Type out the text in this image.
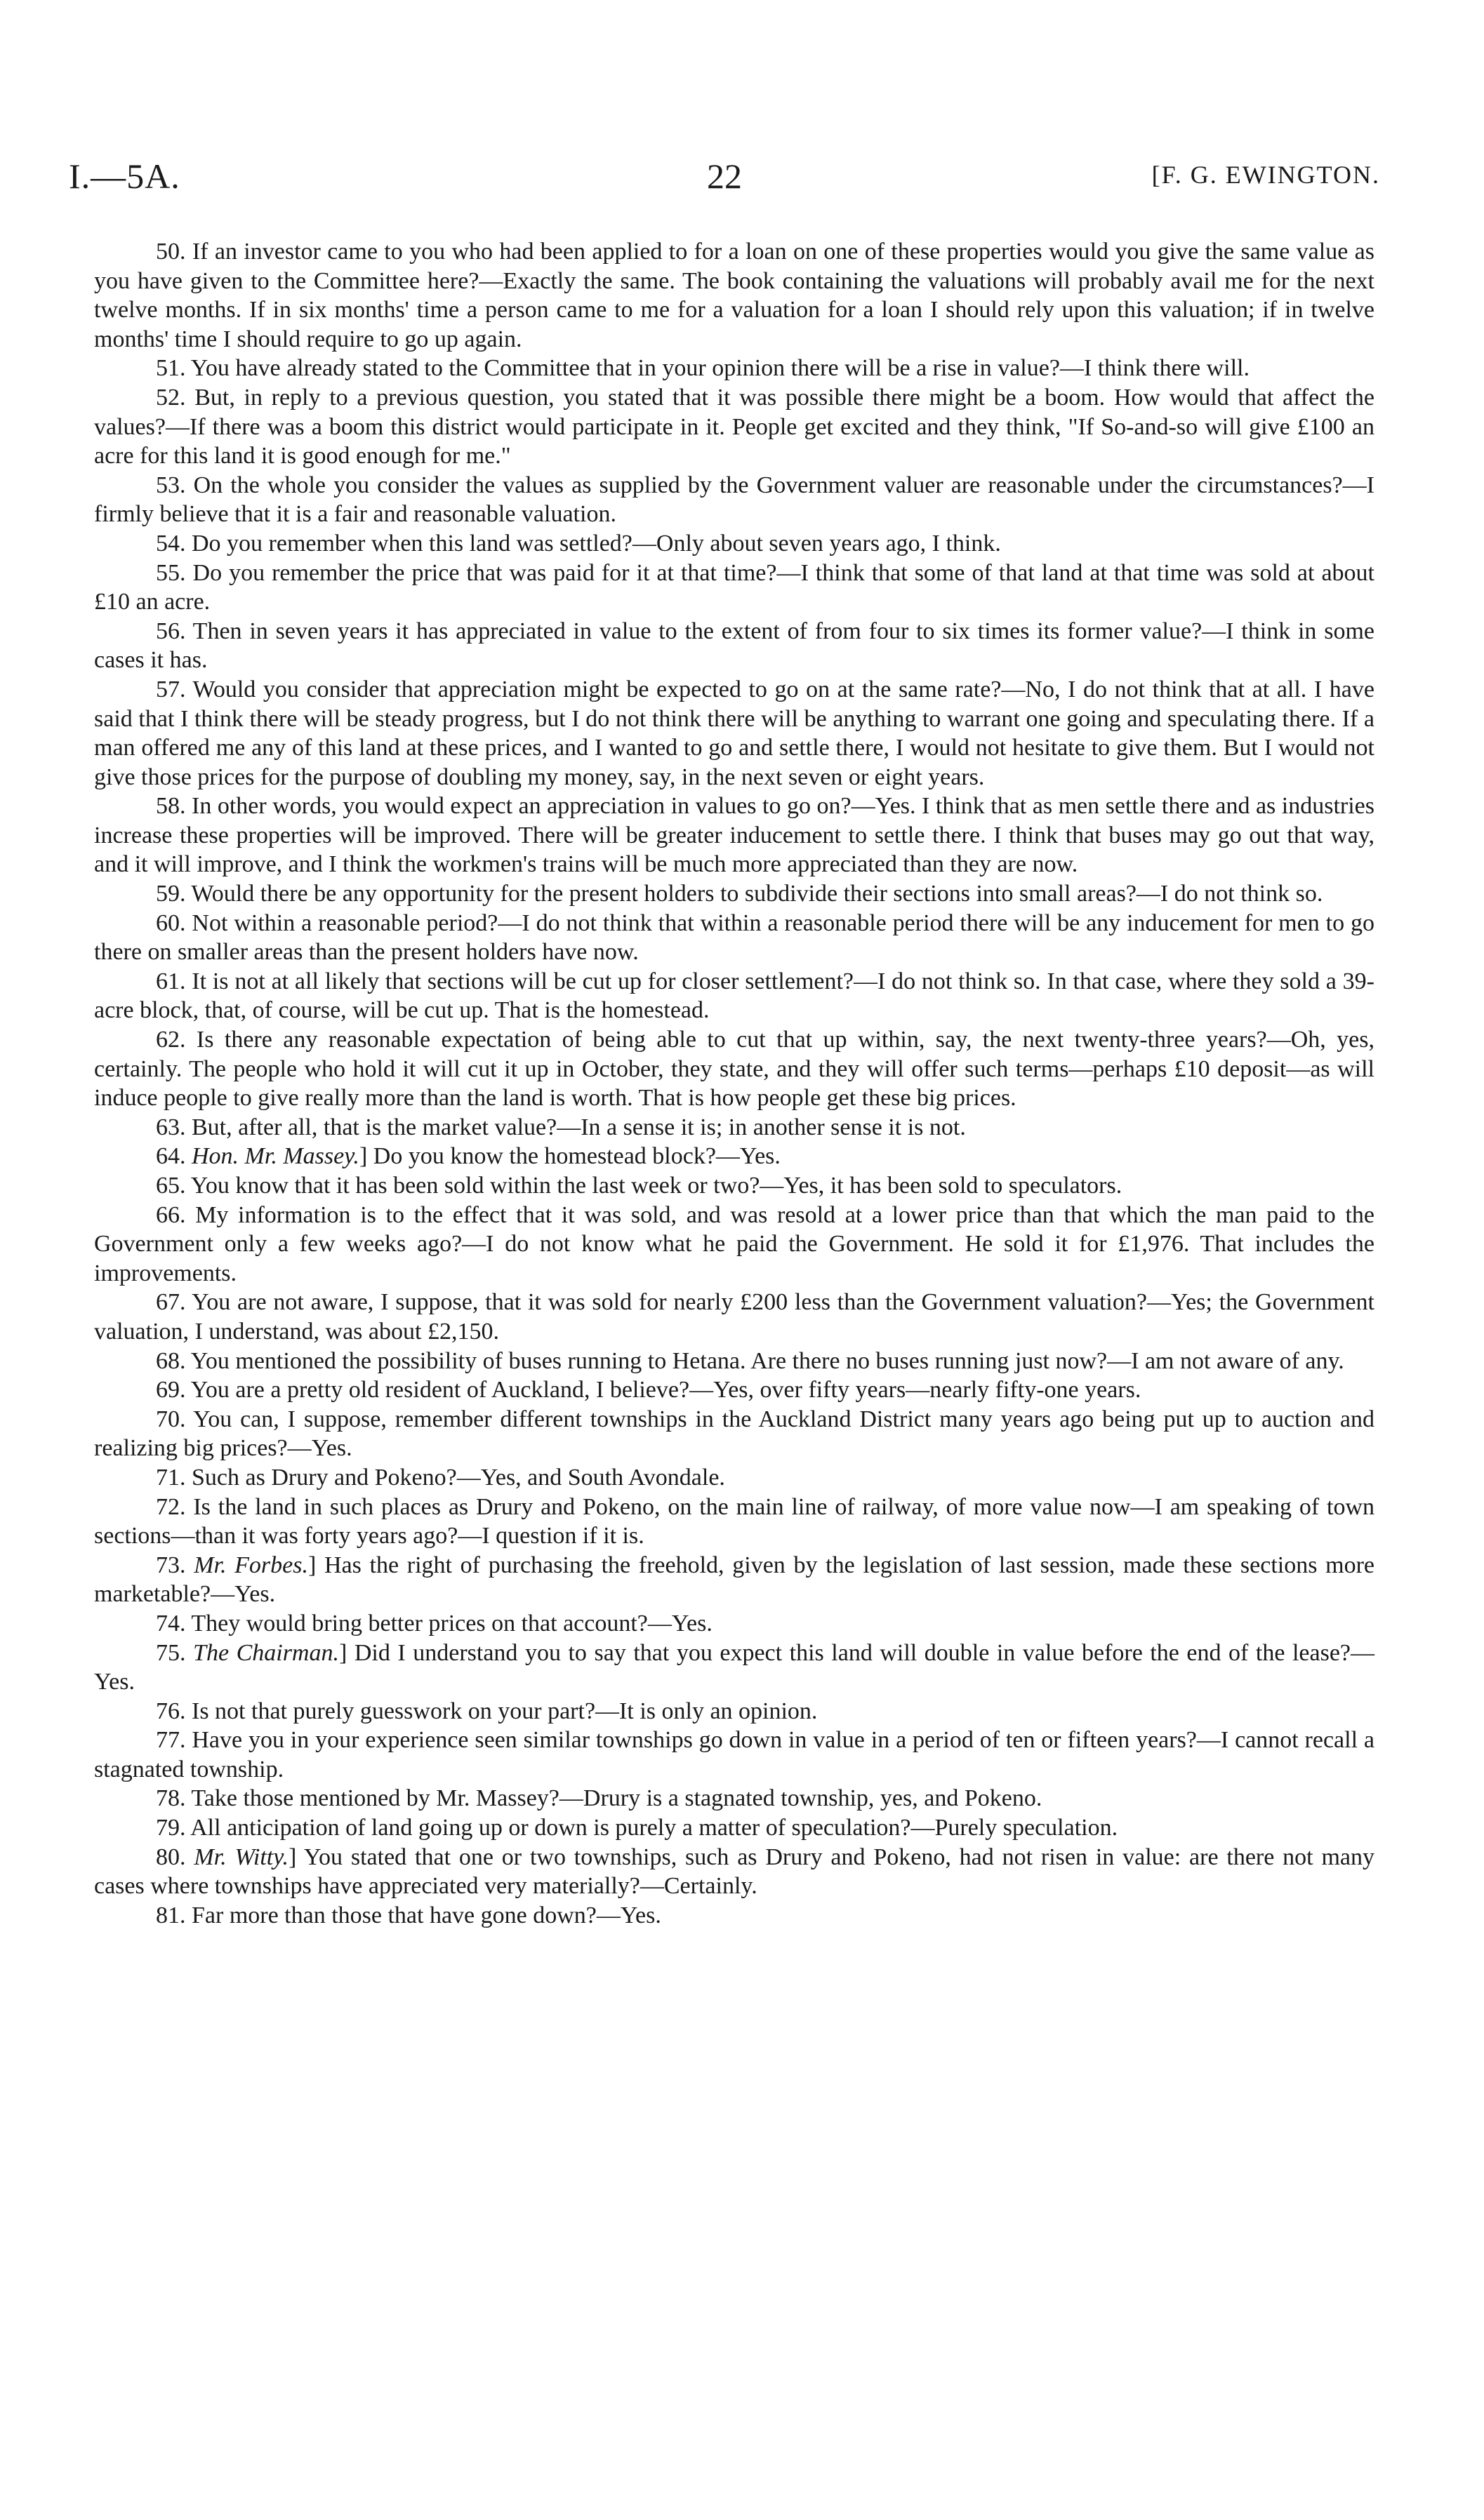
I.—5A.	22	[F. G. EWINGTON.

50. If an investor came to you who had been applied to for a loan on one of these properties would you give the same value as you have given to the Committee here?—Exactly the same. The book containing the valuations will probably avail me for the next twelve months. If in six months' time a person came to me for a valuation for a loan I should rely upon this valuation; if in twelve months' time I should require to go up again.

51. You have already stated to the Committee that in your opinion there will be a rise in value?—I think there will.

52. But, in reply to a previous question, you stated that it was possible there might be a boom. How would that affect the values?—If there was a boom this district would participate in it. People get excited and they think, "If So-and-so will give £100 an acre for this land it is good enough for me."

53. On the whole you consider the values as supplied by the Government valuer are reasonable under the circumstances?—I firmly believe that it is a fair and reasonable valuation.

54. Do you remember when this land was settled?—Only about seven years ago, I think.

55. Do you remember the price that was paid for it at that time?—I think that some of that land at that time was sold at about £10 an acre.

56. Then in seven years it has appreciated in value to the extent of from four to six times its former value?—I think in some cases it has.

57. Would you consider that appreciation might be expected to go on at the same rate?—No, I do not think that at all. I have said that I think there will be steady progress, but I do not think there will be anything to warrant one going and speculating there. If a man offered me any of this land at these prices, and I wanted to go and settle there, I would not hesitate to give them. But I would not give those prices for the purpose of doubling my money, say, in the next seven or eight years.

58. In other words, you would expect an appreciation in values to go on?—Yes. I think that as men settle there and as industries increase these properties will be improved. There will be greater inducement to settle there. I think that buses may go out that way, and it will improve, and I think the workmen's trains will be much more appreciated than they are now.

59. Would there be any opportunity for the present holders to subdivide their sections into small areas?—I do not think so.

60. Not within a reasonable period?—I do not think that within a reasonable period there will be any inducement for men to go there on smaller areas than the present holders have now.

61. It is not at all likely that sections will be cut up for closer settlement?—I do not think so. In that case, where they sold a 39-acre block, that, of course, will be cut up. That is the homestead.

62. Is there any reasonable expectation of being able to cut that up within, say, the next twenty-three years?—Oh, yes, certainly. The people who hold it will cut it up in October, they state, and they will offer such terms—perhaps £10 deposit—as will induce people to give really more than the land is worth. That is how people get these big prices.

63. But, after all, that is the market value?—In a sense it is; in another sense it is not.

64. Hon. Mr. Massey.] Do you know the homestead block?—Yes.

65. You know that it has been sold within the last week or two?—Yes, it has been sold to speculators.

66. My information is to the effect that it was sold, and was resold at a lower price than that which the man paid to the Government only a few weeks ago?—I do not know what he paid the Government. He sold it for £1,976. That includes the improvements.

67. You are not aware, I suppose, that it was sold for nearly £200 less than the Government valuation?—Yes; the Government valuation, I understand, was about £2,150.

68. You mentioned the possibility of buses running to Hetana. Are there no buses running just now?—I am not aware of any.

69. You are a pretty old resident of Auckland, I believe?—Yes, over fifty years—nearly fifty-one years.

70. You can, I suppose, remember different townships in the Auckland District many years ago being put up to auction and realizing big prices?—Yes.

71. Such as Drury and Pokeno?—Yes, and South Avondale.

72. Is the land in such places as Drury and Pokeno, on the main line of railway, of more value now—I am speaking of town sections—than it was forty years ago?—I question if it is.

73. Mr. Forbes.] Has the right of purchasing the freehold, given by the legislation of last session, made these sections more marketable?—Yes.

74. They would bring better prices on that account?—Yes.

75. The Chairman.] Did I understand you to say that you expect this land will double in value before the end of the lease?—Yes.

76. Is not that purely guesswork on your part?—It is only an opinion.

77. Have you in your experience seen similar townships go down in value in a period of ten or fifteen years?—I cannot recall a stagnated township.

78. Take those mentioned by Mr. Massey?—Drury is a stagnated township, yes, and Pokeno.

79. All anticipation of land going up or down is purely a matter of speculation?—Purely speculation.

80. Mr. Witty.] You stated that one or two townships, such as Drury and Pokeno, had not risen in value: are there not many cases where townships have appreciated very materially?—Certainly.

81. Far more than those that have gone down?—Yes.
